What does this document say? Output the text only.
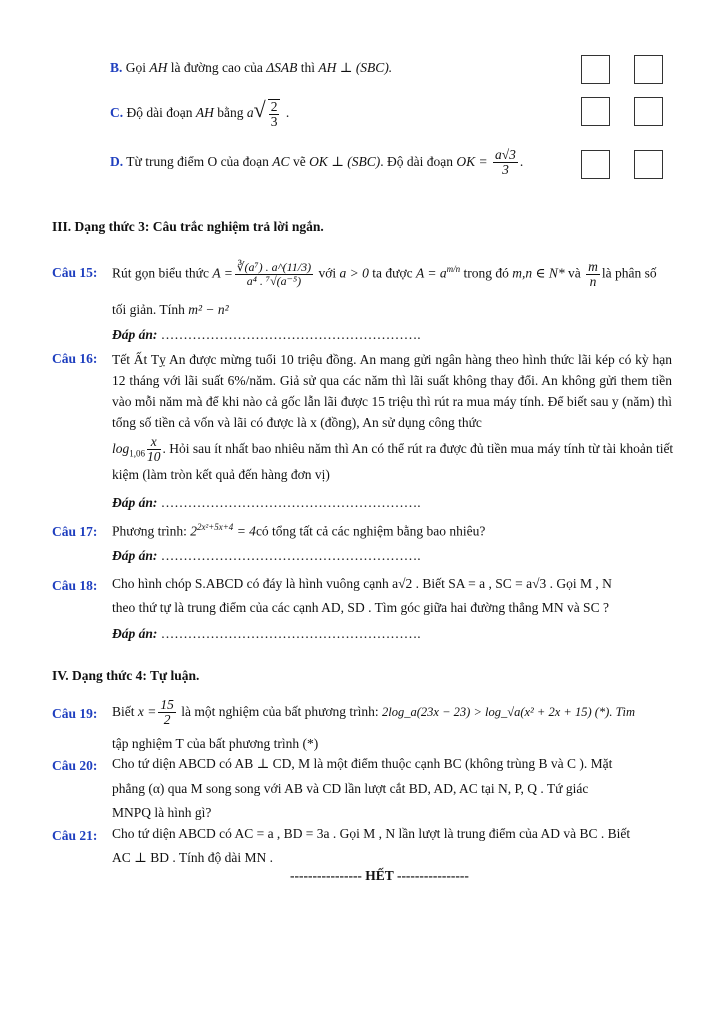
B. Gọi AH là đường cao của ΔSAB thì AH ⊥ (SBC).
C. Độ dài đoạn AH bằng $a√ \frac{2}{3}$ .
D. Từ trung điểm O của đoạn AC vẽ OK ⊥ (SBC). Độ dài đoạn OK = $\frac{a√3}{3}$ .
III. Dạng thức 3: Câu trắc nghiệm trả lời ngắn.
Câu 15: Rút gọn biểu thức $A = \frac{\text{∛(a⁷) . a\textasciicircum{}(11/3)}}{\text{a⁴ . ⁷√(a⁻⁵)}}$ với a > 0 ta được $A = a^{m/n}$ trong đó m,n ∈ N* và $\frac{m}{n}$ là phân số
tối giản. Tính m² − n²
Đáp án: ………………………………………………….
Câu 16: Tết Ất Tỵ An được mừng tuổi 10 triệu đồng. An mang gửi ngân hàng theo hình thức lãi kép có kỳ hạn 12 tháng với lãi suất 6%/năm. Giả sử qua các năm thì lãi suất không thay đổi. An không gửi them tiền vào mỗi năm mà để khi nào cả gốc lẫn lãi được 15 triệu thì rút ra mua máy tính. Để biết sau y (năm) thì tổng số tiền cả vốn và lãi có được là x (đồng), An sử dụng công thức
$\log_{1,06} \frac{x}{10}$ . Hỏi sau ít nhất bao nhiêu năm thì An có thể rút ra được đủ tiền mua máy tính từ tài khoản tiết kiệm (làm tròn kết quả đến hàng đơn vị)
Đáp án: ………………………………………………….
Câu 17: Phương trình: $2^{2x^2+5x+4}$ = 4có tổng tất cả các nghiệm bằng bao nhiêu?
Đáp án: ………………………………………………….
Câu 18: Cho hình chóp S.ABCD có đáy là hình vuông cạnh a√2 . Biết SA = a , SC = a√3 . Gọi M , N
theo thứ tự là trung điểm của các cạnh AD, SD . Tìm góc giữa hai đường thẳng MN và SC ?
Đáp án: ………………………………………………….
IV. Dạng thức 4: Tự luận.
Câu 19: Biết $x = \frac{15}{2}$ là một nghiệm của bất phương trình: 2log_a(23x − 23) > log_√a(x² + 2x + 15) (*). Tìm
tập nghiệm T của bất phương trình (*)
Câu 20: Cho tứ diện ABCD có AB ⊥ CD, M là một điểm thuộc cạnh BC (không trùng B và C ). Mặt
phẳng (α) qua M song song với AB và CD lần lượt cắt BD, AD, AC tại N, P, Q . Tứ giác
MNPQ là hình gì?
Câu 21: Cho tứ diện ABCD có AC = a , BD = 3a . Gọi M , N lần lượt là trung điểm của AD và BC . Biết
AC ⊥ BD . Tính độ dài MN .
---------------- HẾT ----------------
